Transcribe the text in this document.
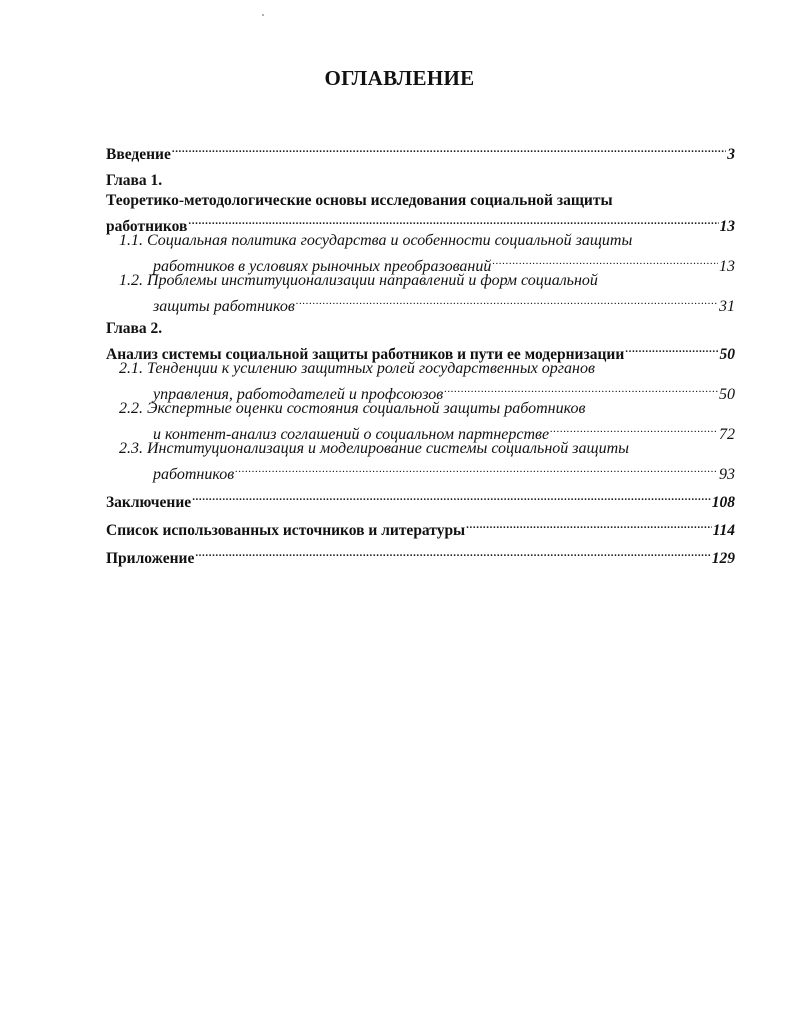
ОГЛАВЛЕНИЕ
Введение .....	3
Глава 1.
Теоретико-методологические основы исследования социальной защиты
работников .....	13
1.1. Социальная политика государства и особенности социальной защиты
работников в условиях рыночных преобразований .....	13
1.2. Проблемы институционализации направлений и форм социальной
защиты работников .....	31
Глава 2.
Анализ системы социальной защиты работников и пути ее модернизации .....	50
2.1. Тенденции к усилению защитных ролей государственных органов
управления, работодателей и профсоюзов .....	50
2.2. Экспертные оценки состояния социальной защиты работников
и контент-анализ соглашений о социальном партнерстве .....	72
2.3. Институционализация и моделирование системы социальной защиты
работников .....	93
Заключение .....	108
Список использованных источников и литературы .....	114
Приложение .....	129
